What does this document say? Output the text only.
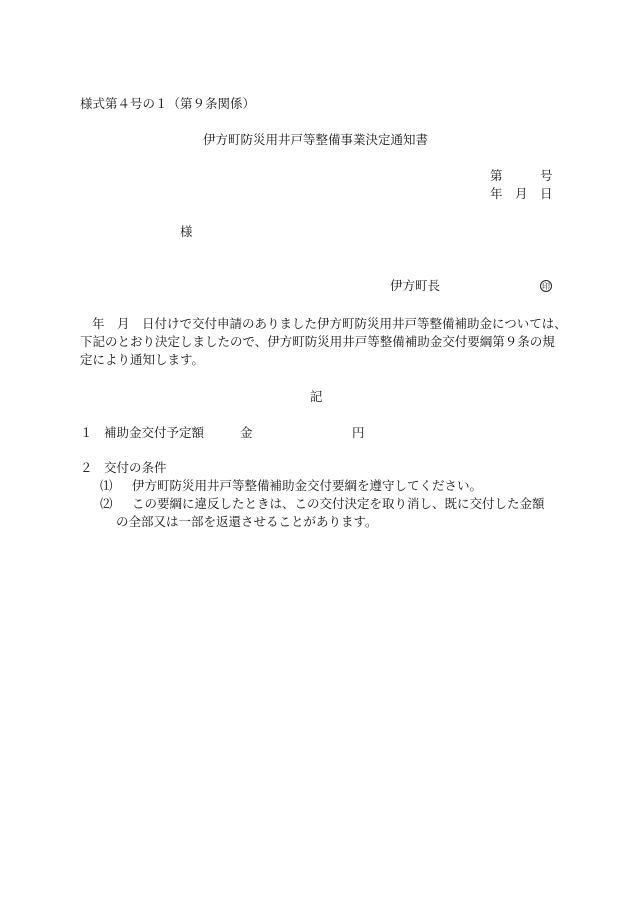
様式第４号の１（第９条関係）
伊方町防災用井戸等整備事業決定通知書
第	号
年 月 日
様
伊方町長	印
年　月　日付けで交付申請のありました伊方町防災用井戸等整備補助金については、
下記のとおり決定しましたので、伊方町防災用井戸等整備補助金交付要綱第９条の規
定により通知します。
記
１ 補助金交付予定額	金	円
２ 交付の条件
⑴ 伊方町防災用井戸等整備補助金交付要綱を遵守してください。
⑵ この要綱に違反したときは、この交付決定を取り消し、既に交付した金額
の全部又は一部を返還させることがあります。
